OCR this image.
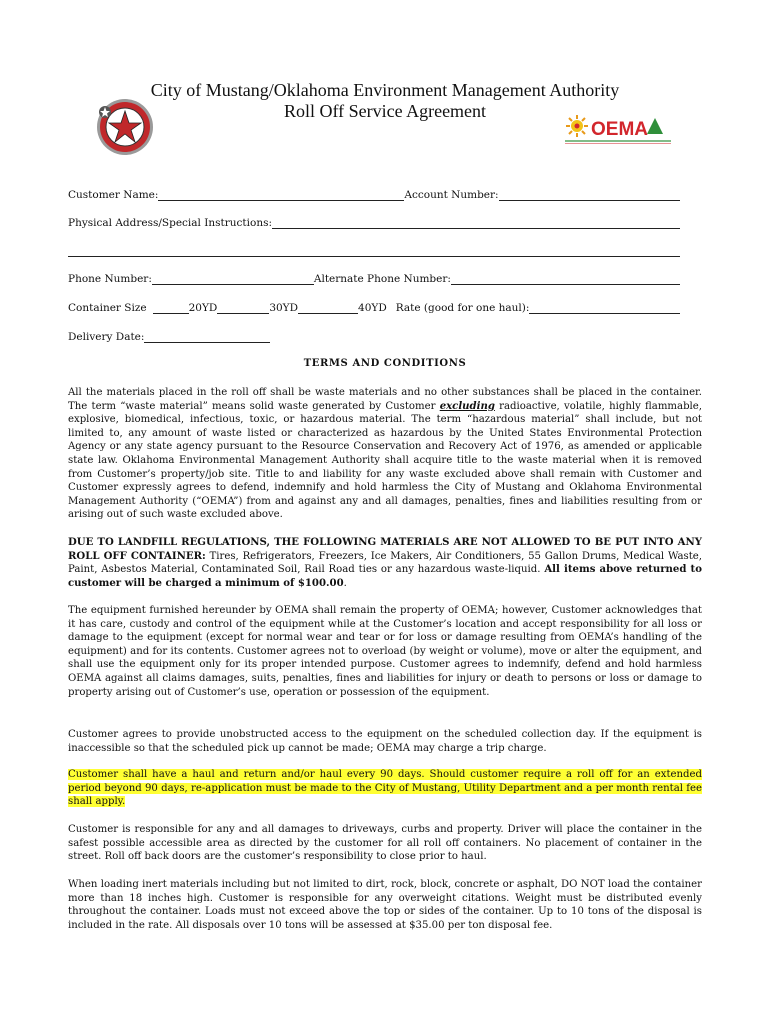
City of Mustang/Oklahoma Environment Management Authority
Roll Off Service Agreement
OEMA
Customer Name:	Account Number:
Physical Address/Special Instructions:
Phone Number:	Alternate Phone Number:
Container Size	20YD	30YD	40YD Rate (good for one haul):
Delivery Date:
TERMS AND CONDITIONS

All the materials placed in the roll off shall be waste materials and no other substances shall be placed in the container. The term “waste material” means solid waste generated by Customer excluding radioactive, volatile, highly flammable, explosive, biomedical, infectious, toxic, or hazardous material. The term “hazardous material” shall include, but not limited to, any amount of waste listed or characterized as hazardous by the United States Environmental Protection Agency or any state agency pursuant to the Resource Conservation and Recovery Act of 1976, as amended or applicable state law. Oklahoma Environmental Management Authority shall acquire title to the waste material when it is removed from Customer’s property/job site. Title to and liability for any waste excluded above shall remain with Customer and Customer expressly agrees to defend, indemnify and hold harmless the City of Mustang and Oklahoma Environmental Management Authority (“OEMA”) from and against any and all damages, penalties, fines and liabilities resulting from or arising out of such waste excluded above.

DUE TO LANDFILL REGULATIONS, THE FOLLOWING MATERIALS ARE NOT ALLOWED TO BE PUT INTO ANY ROLL OFF CONTAINER: Tires, Refrigerators, Freezers, Ice Makers, Air Conditioners, 55 Gallon Drums, Medical Waste, Paint, Asbestos Material, Contaminated Soil, Rail Road ties or any hazardous waste-liquid. All items above returned to customer will be charged a minimum of $100.00.

The equipment furnished hereunder by OEMA shall remain the property of OEMA; however, Customer acknowledges that it has care, custody and control of the equipment while at the Customer’s location and accept responsibility for all loss or damage to the equipment (except for normal wear and tear or for loss or damage resulting from OEMA’s handling of the equipment) and for its contents. Customer agrees not to overload (by weight or volume), move or alter the equipment, and shall use the equipment only for its proper intended purpose. Customer agrees to indemnify, defend and hold harmless OEMA against all claims damages, suits, penalties, fines and liabilities for injury or death to persons or loss or damage to property arising out of Customer’s use, operation or possession of the equipment.

Customer agrees to provide unobstructed access to the equipment on the scheduled collection day. If the equipment is inaccessible so that the scheduled pick up cannot be made; OEMA may charge a trip charge.

Customer shall have a haul and return and/or haul every 90 days. Should customer require a roll off for an extended period beyond 90 days, re-application must be made to the City of Mustang, Utility Department and a per month rental fee shall apply.

Customer is responsible for any and all damages to driveways, curbs and property. Driver will place the container in the safest possible accessible area as directed by the customer for all roll off containers. No placement of container in the street. Roll off back doors are the customer’s responsibility to close prior to haul.

When loading inert materials including but not limited to dirt, rock, block, concrete or asphalt, DO NOT load the container more than 18 inches high. Customer is responsible for any overweight citations. Weight must be distributed evenly throughout the container. Loads must not exceed above the top or sides of the container. Up to 10 tons of the disposal is included in the rate. All disposals over 10 tons will be assessed at $35.00 per ton disposal fee.
